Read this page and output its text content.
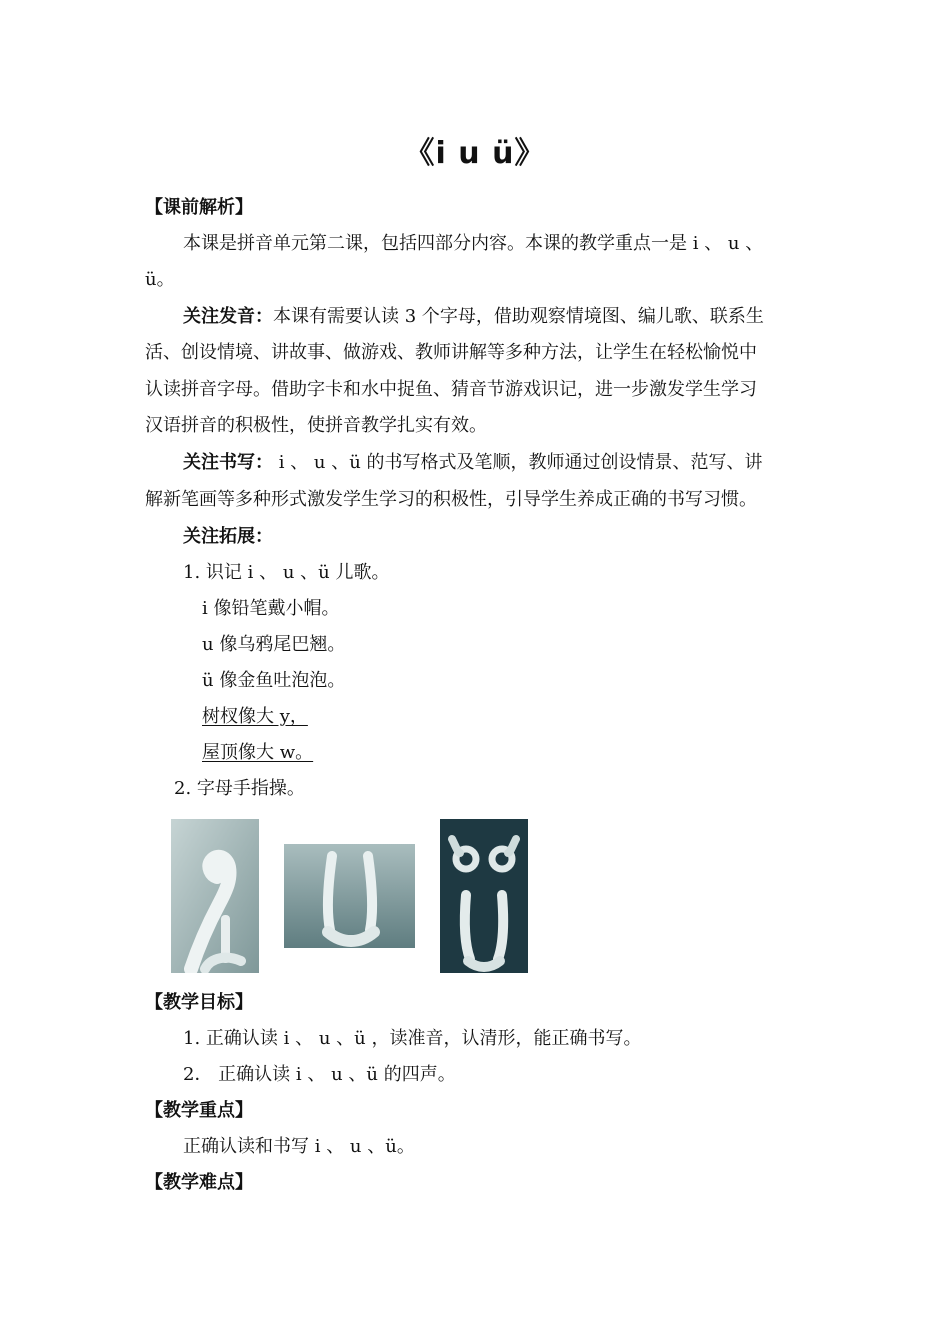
《i u ü》
【课前解析】
本课是拼音单元第二课，包括四部分内容。本课的教学重点一是 i 、 u 、
ü。
关注发音：本课有需要认读 3 个字母，借助观察情境图、编儿歌、联系生
活、创设情境、讲故事、做游戏、教师讲解等多种方法，让学生在轻松愉悦中
认读拼音字母。借助字卡和水中捉鱼、猜音节游戏识记，进一步激发学生学习
汉语拼音的积极性，使拼音教学扎实有效。
关注书写： i 、 u 、ü 的书写格式及笔顺，教师通过创设情景、范写、讲
解新笔画等多种形式激发学生学习的积极性，引导学生养成正确的书写习惯。
关注拓展：
1. 识记 i 、 u 、ü 儿歌。
i 像铅笔戴小帽。
u 像乌鸦尾巴翘。
ü 像金鱼吐泡泡。
树杈像大 y，
屋顶像大 w。
2. 字母手指操。
【教学目标】
1. 正确认读 i 、 u 、ü ，读准音，认清形，能正确书写。
2． 正确认读 i 、 u 、ü 的四声。
【教学重点】
正确认读和书写 i 、 u 、ü。
【教学难点】
